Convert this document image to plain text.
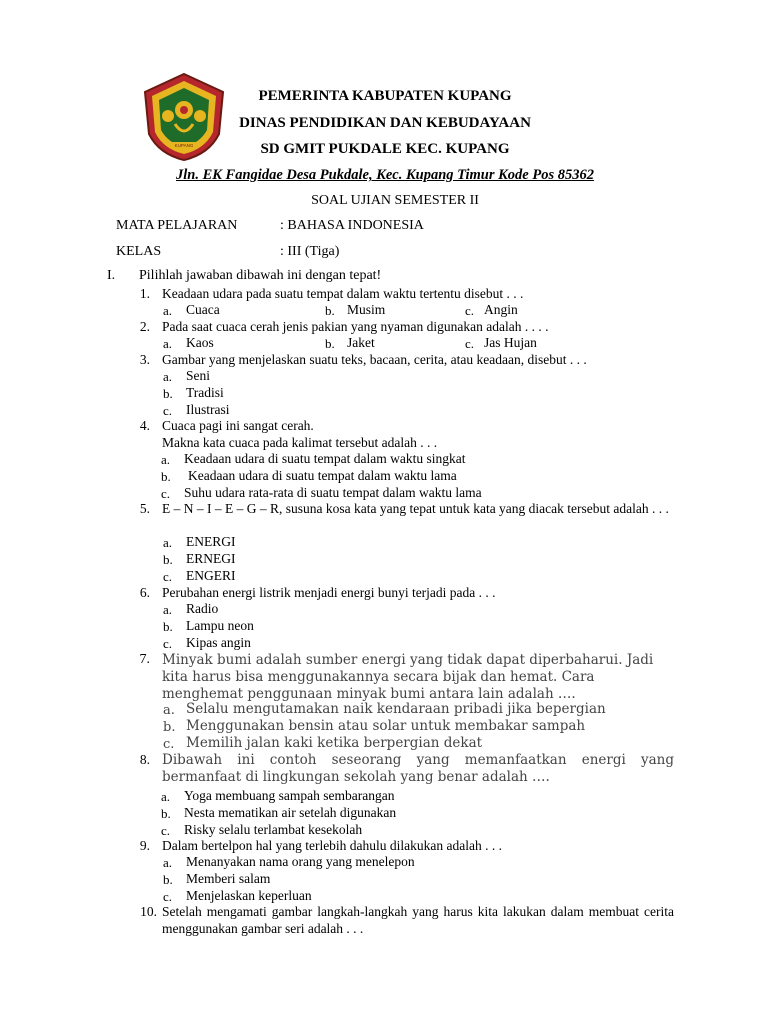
KUPANG
PEMERINTA KABUPATEN KUPANG
DINAS PENDIDIKAN DAN KEBUDAYAAN
SD GMIT PUKDALE KEC. KUPANG
Jln. EK Fangidae Desa Pukdale, Kec. Kupang Timur Kode Pos 85362
SOAL UJIAN SEMESTER II
MATA PELAJARAN	: BAHASA INDONESIA
KELAS	: III (Tiga)
I. Pilihlah jawaban dibawah ini dengan tepat!
1. Keadaan udara pada suatu tempat dalam waktu tertentu disebut . . .
a. Cuaca	b. Musim	c. Angin
2. Pada saat cuaca cerah jenis pakian yang nyaman digunakan adalah . . . .
a. Kaos	b. Jaket	c. Jas Hujan
3. Gambar yang menjelaskan suatu teks, bacaan, cerita, atau keadaan, disebut . . .
a. Seni
b. Tradisi
c. Ilustrasi
4. Cuaca pagi ini sangat cerah.
Makna kata cuaca pada kalimat tersebut adalah . . .
a. Keadaan udara di suatu tempat dalam waktu singkat
b. Keadaan udara di suatu tempat dalam waktu lama
c. Suhu udara rata-rata di suatu tempat dalam waktu lama
5. E – N – I – E – G – R, susuna kosa kata yang tepat untuk kata yang diacak tersebut adalah . . .
a. ENERGI
b. ERNEGI
c. ENGERI
6. Perubahan energi listrik menjadi energi bunyi terjadi pada . . .
a. Radio
b. Lampu neon
c. Kipas angin
7. Minyak bumi adalah sumber energi yang tidak dapat diperbaharui. Jadi kita harus bisa menggunakannya secara bijak dan hemat. Cara menghemat penggunaan minyak bumi antara lain adalah ….
a. Selalu mengutamakan naik kendaraan pribadi jika bepergian
b. Menggunakan bensin atau solar untuk membakar sampah
c. Memilih jalan kaki ketika berpergian dekat
8. Dibawah ini contoh seseorang yang memanfaatkan energi yang bermanfaat di lingkungan sekolah yang benar adalah ….
a. Yoga membuang sampah sembarangan
b. Nesta mematikan air setelah digunakan
c. Risky selalu terlambat kesekolah
9. Dalam bertelpon hal yang terlebih dahulu dilakukan adalah . . .
a. Menanyakan nama orang yang menelepon
b. Memberi salam
c. Menjelaskan keperluan
10. Setelah mengamati gambar langkah-langkah yang harus kita lakukan dalam membuat cerita menggunakan gambar seri adalah . . .
